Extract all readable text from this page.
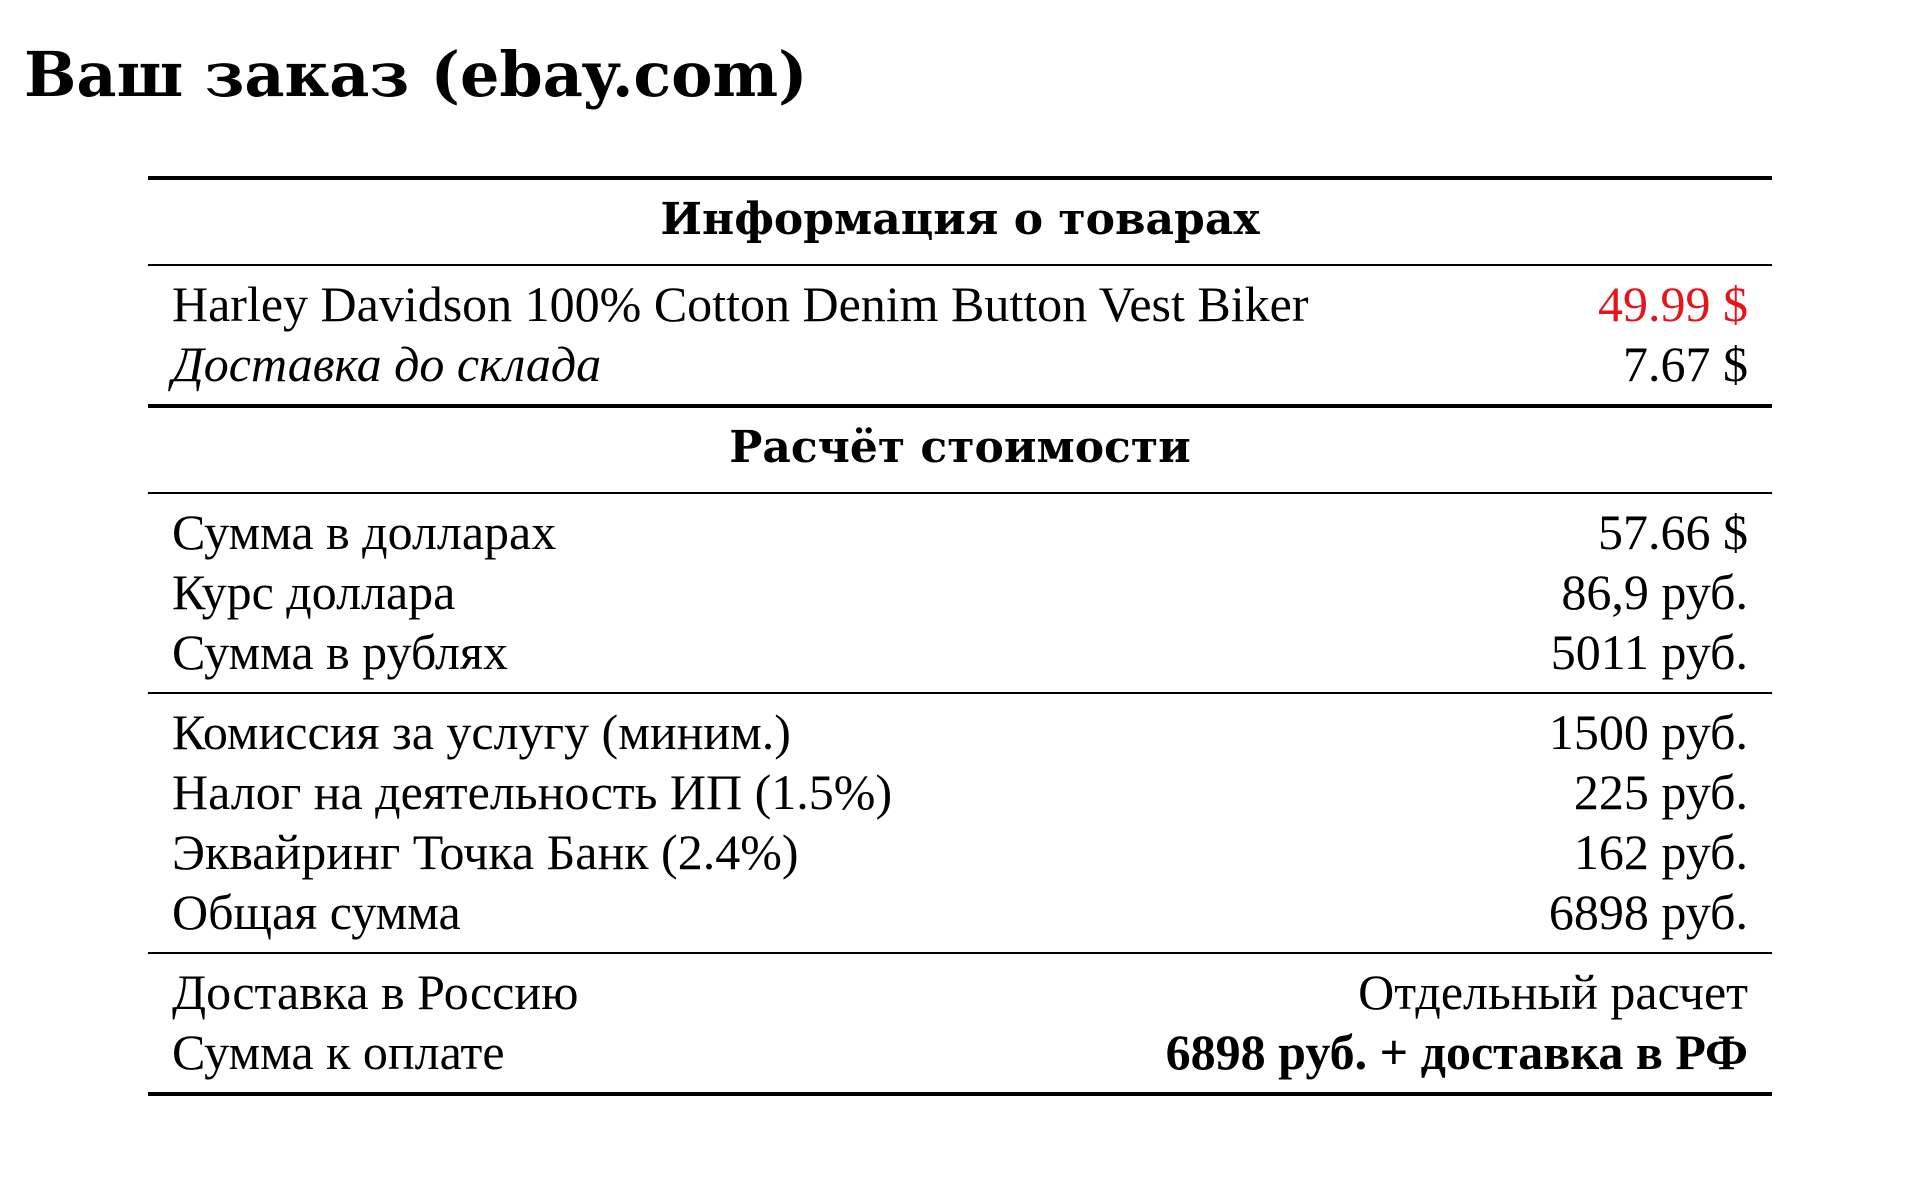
Ваш заказ (ebay.com)
Информация о товарах
Harley Davidson 100% Cotton Denim Button Vest Biker	49.99 $
Доставка до склада	7.67 $
Расчёт стоимости
Сумма в долларах	57.66 $
Курс доллара	86,9 руб.
Сумма в рублях	5011 руб.
Комиссия за услугу (миним.)	1500 руб.
Налог на деятельность ИП (1.5%)	225 руб.
Эквайринг Точка Банк (2.4%)	162 руб.
Общая сумма	6898 руб.
Доставка в Россию	Отдельный расчет
Сумма к оплате	6898 руб. + доставка в РФ
